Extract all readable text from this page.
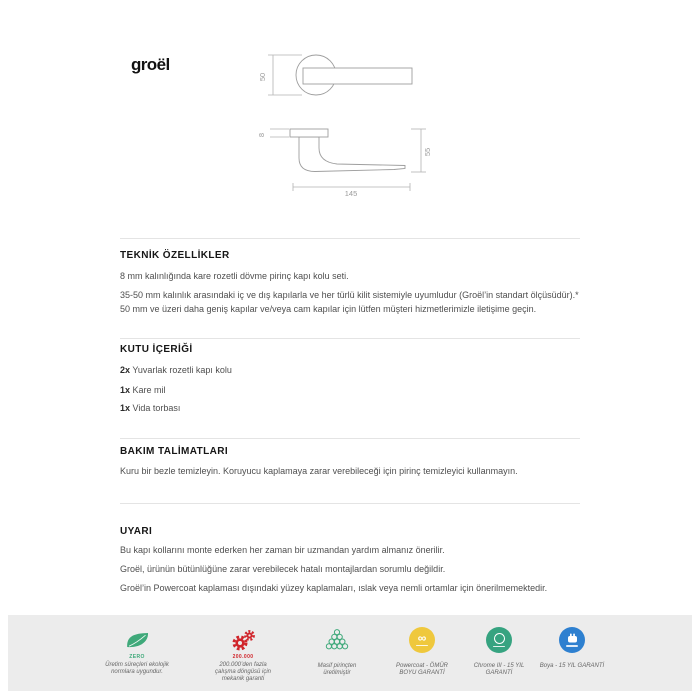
groël
50
8
55
145
TEKNİK ÖZELLİKLER
8 mm kalınlığında kare rozetli dövme pirinç kapı kolu seti.
35-50 mm kalınlık arasındaki iç ve dış kapılarla ve her türlü kilit sistemiyle uyumludur (Groël’in standart ölçüsüdür).*
50 mm ve üzeri daha geniş kapılar ve/veya cam kapılar için lütfen müşteri hizmetlerimizle iletişime geçin.
KUTU İÇERİĞİ
2x Yuvarlak rozetli kapı kolu
1x Kare mil
1x Vida torbası
BAKIM TALİMATLARI
Kuru bir bezle temizleyin. Koruyucu kaplamaya zarar verebileceği için pirinç temizleyici kullanmayın.
UYARI
Bu kapı kollarını monte ederken her zaman bir uzmandan yardım almanız önerilir.
Groël, ürünün bütünlüğüne zarar verebilecek hatalı montajlardan sorumlu değildir.
Groël’in Powercoat kaplaması dışındaki yüzey kaplamaları, ıslak veya nemli ortamlar için önerilmemektedir.
ZERO
Üretim süreçleri ekolojik normlara uygundur.
200.000
200.000’den fazla çalışma döngüsü için mekanik garanti
Masif pirinçten üretilmiştir
∞
Powercoat - ÖMÜR BOYU GARANTİ
Chrome III - 15 YIL GARANTİ
Boya - 15 YIL GARANTİ
